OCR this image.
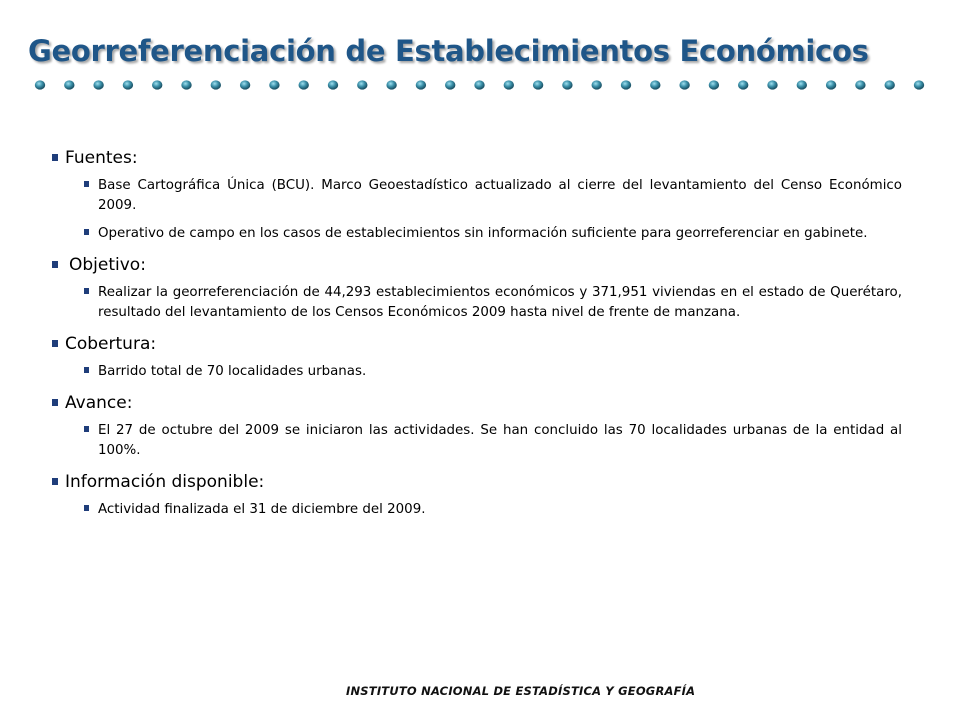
Georreferenciación de Establecimientos Económicos
Fuentes:
Base Cartográfica Única (BCU). Marco Geoestadístico actualizado al cierre del levantamiento del Censo Económico 2009.
Operativo de campo en los casos de establecimientos sin información suficiente para georreferenciar en gabinete.
Objetivo:
Realizar la georreferenciación de 44,293 establecimientos económicos y 371,951 viviendas en el estado de Querétaro, resultado del levantamiento de los Censos Económicos 2009 hasta nivel de frente de manzana.
Cobertura:
Barrido total de 70 localidades urbanas.
Avance:
El 27 de octubre del 2009 se iniciaron las actividades. Se han concluido las 70 localidades urbanas de la entidad al 100%.
Información disponible:
Actividad finalizada el 31 de diciembre del 2009.
INSTITUTO NACIONAL DE ESTADÍSTICA Y GEOGRAFÍA
